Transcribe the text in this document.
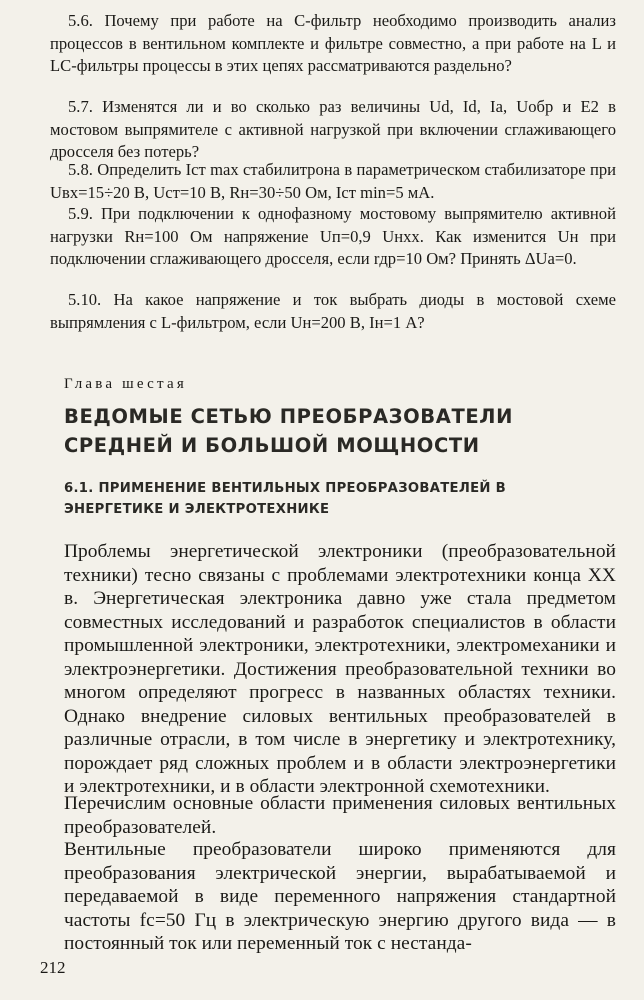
5.6. Почему при работе на C-фильтр необходимо производить анализ процессов в вентильном комплекте и фильтре совместно, а при работе на L и LC-фильтры процессы в этих цепях рассматриваются раздельно?

5.7. Изменятся ли и во сколько раз величины Ud, Id, Ia, Uобр и E2 в мостовом выпрямителе с активной нагрузкой при включении сглаживающего дросселя без потерь?

5.8. Определить Iст max стабилитрона в параметрическом стабилизаторе при Uвх=15÷20 В, Uст=10 В, Rн=30÷50 Ом, Iст min=5 мА.

5.9. При подключении к однофазному мостовому выпрямителю активной нагрузки Rн=100 Ом напряжение Uп=0,9 Uнхх. Как изменится Uн при подключении сглаживающего дросселя, если rдр=10 Ом? Принять ΔUa=0.

5.10. На какое напряжение и ток выбрать диоды в мостовой схеме выпрямления с L-фильтром, если Uн=200 В, Iн=1 А?

Глава шестая

ВЕДОМЫЕ СЕТЬЮ ПРЕОБРАЗОВАТЕЛИ СРЕДНЕЙ И БОЛЬШОЙ МОЩНОСТИ
6.1. ПРИМЕНЕНИЕ ВЕНТИЛЬНЫХ ПРЕОБРАЗОВАТЕЛЕЙ В ЭНЕРГЕТИКЕ И ЭЛЕКТРОТЕХНИКЕ

Проблемы энергетической электроники (преобразовательной техники) тесно связаны с проблемами электротехники конца XX в. Энергетическая электроника давно уже стала предметом совместных исследований и разработок специалистов в области промышленной электроники, электротехники, электромеханики и электроэнергетики. Достижения преобразовательной техники во многом определяют прогресс в названных областях техники. Однако внедрение силовых вентильных преобразователей в различные отрасли, в том числе в энергетику и электротехнику, порождает ряд сложных проблем и в области электроэнергетики и электротехники, и в области электронной схемотехники.

Перечислим основные области применения силовых вентильных преобразователей.

Вентильные преобразователи широко применяются для преобразования электрической энергии, вырабатываемой и передаваемой в виде переменного напряжения стандартной частоты fc=50 Гц в электрическую энергию другого вида — в постоянный ток или переменный ток с нестанда-

212
